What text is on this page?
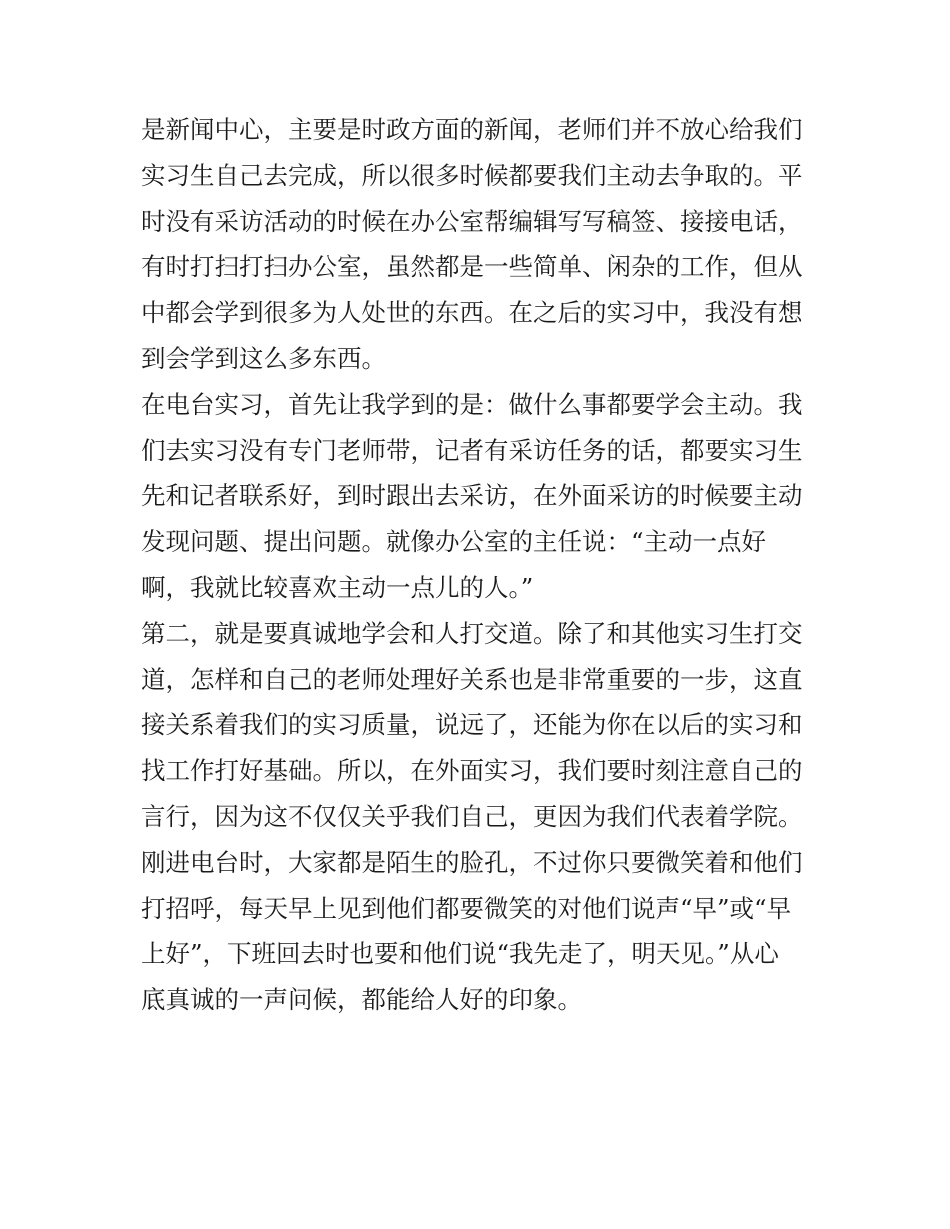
是新闻中心，主要是时政方面的新闻，老师们并不放心给我们
实习生自己去完成，所以很多时候都要我们主动去争取的。平
时没有采访活动的时候在办公室帮编辑写写稿签、接接电话，
有时打扫打扫办公室，虽然都是一些简单、闲杂的工作，但从
中都会学到很多为人处世的东西。在之后的实习中，我没有想
到会学到这么多东西。
在电台实习，首先让我学到的是：做什么事都要学会主动。我
们去实习没有专门老师带，记者有采访任务的话，都要实习生
先和记者联系好，到时跟出去采访，在外面采访的时候要主动
发现问题、提出问题。就像办公室的主任说：“主动一点好
啊，我就比较喜欢主动一点儿的人。”
第二，就是要真诚地学会和人打交道。除了和其他实习生打交
道，怎样和自己的老师处理好关系也是非常重要的一步，这直
接关系着我们的实习质量，说远了，还能为你在以后的实习和
找工作打好基础。所以，在外面实习，我们要时刻注意自己的
言行，因为这不仅仅关乎我们自己，更因为我们代表着学院。
刚进电台时，大家都是陌生的脸孔，不过你只要微笑着和他们
打招呼，每天早上见到他们都要微笑的对他们说声“早”或“早
上好”，下班回去时也要和他们说“我先走了，明天见。”从心
底真诚的一声问候，都能给人好的印象。
